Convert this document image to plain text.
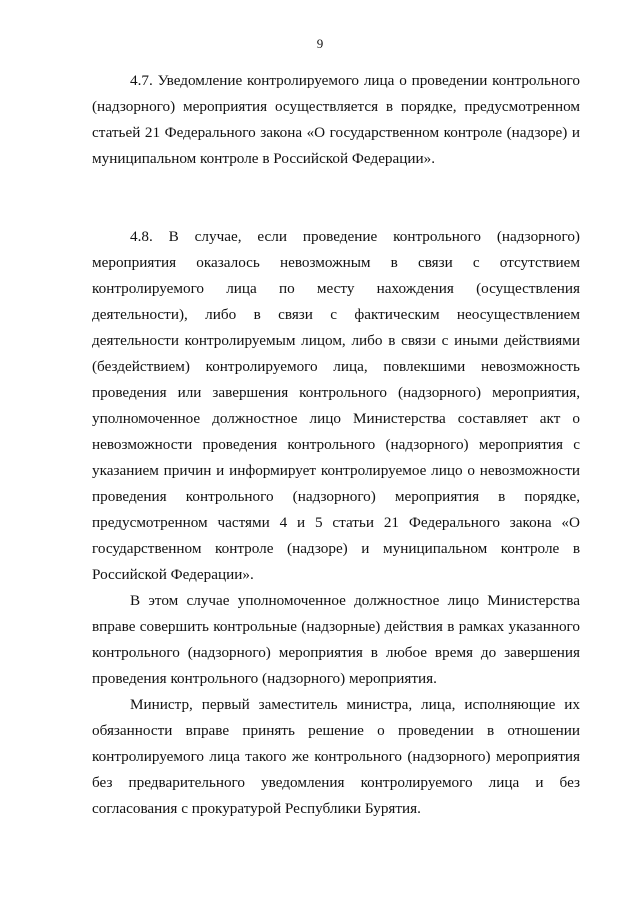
9

4.7. Уведомление контролируемого лица о проведении контрольного (надзорного) мероприятия осуществляется в порядке, предусмотренном статьей 21 Федерального закона «О государственном контроле (надзоре) и муниципальном контроле в Российской Федерации».

4.8. В случае, если проведение контрольного (надзорного) мероприятия оказалось невозможным в связи с отсутствием контролируемого лица по месту нахождения (осуществления деятельности), либо в связи с фактическим неосуществлением деятельности контролируемым лицом, либо в связи с иными действиями (бездействием) контролируемого лица, повлекшими невозможность проведения или завершения контрольного (надзорного) мероприятия, уполномоченное должностное лицо Министерства составляет акт о невозможности проведения контрольного (надзорного) мероприятия с указанием причин и информирует контролируемое лицо о невозможности проведения контрольного (надзорного) мероприятия в порядке, предусмотренном частями 4 и 5 статьи 21 Федерального закона «О государственном контроле (надзоре) и муниципальном контроле в Российской Федерации».

В этом случае уполномоченное должностное лицо Министерства вправе совершить контрольные (надзорные) действия в рамках указанного контрольного (надзорного) мероприятия в любое время до завершения проведения контрольного (надзорного) мероприятия.

Министр, первый заместитель министра, лица, исполняющие их обязанности вправе принять решение о проведении в отношении контролируемого лица такого же контрольного (надзорного) мероприятия без предварительного уведомления контролируемого лица и без согласования с прокуратурой Республики Бурятия.
